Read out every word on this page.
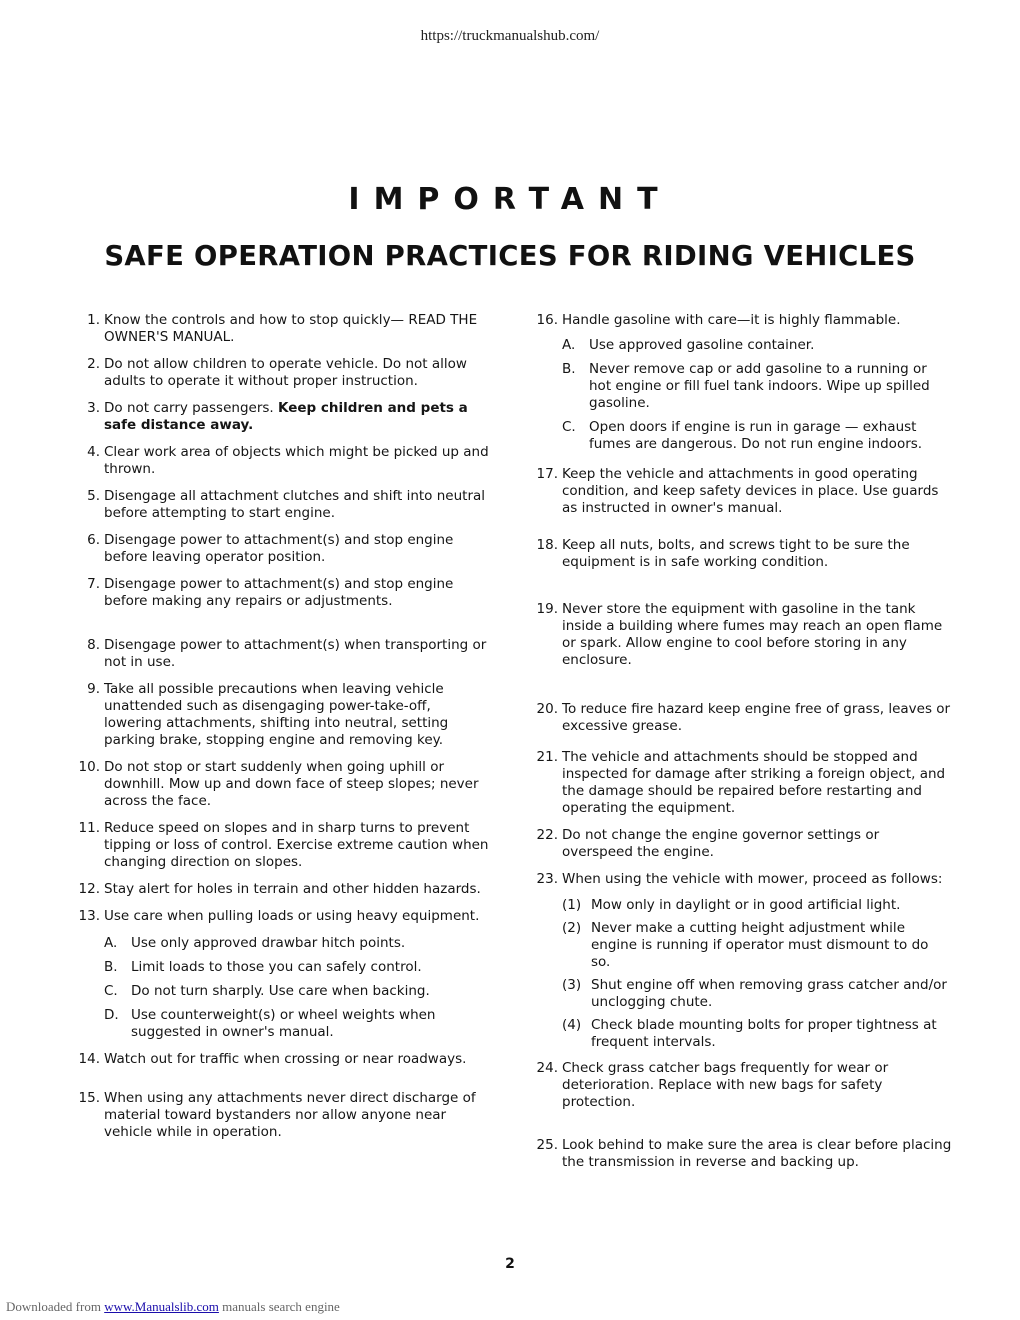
https://truckmanualshub.com/
IMPORTANT
SAFE OPERATION PRACTICES FOR RIDING VEHICLES
1. Know the controls and how to stop quickly— READ THE OWNER'S MANUAL.
2. Do not allow children to operate vehicle. Do not allow adults to operate it without proper instruction.
3. Do not carry passengers. Keep children and pets a safe distance away.
4. Clear work area of objects which might be picked up and thrown.
5. Disengage all attachment clutches and shift into neutral before attempting to start engine.
6. Disengage power to attachment(s) and stop engine before leaving operator position.
7. Disengage power to attachment(s) and stop engine before making any repairs or adjustments.
8. Disengage power to attachment(s) when transporting or not in use.
9. Take all possible precautions when leaving vehicle unattended such as disengaging power-take-off, lowering attachments, shifting into neutral, setting parking brake, stopping engine and removing key.
10. Do not stop or start suddenly when going uphill or downhill. Mow up and down face of steep slopes; never across the face.
11. Reduce speed on slopes and in sharp turns to prevent tipping or loss of control. Exercise extreme caution when changing direction on slopes.
12. Stay alert for holes in terrain and other hidden hazards.
13. Use care when pulling loads or using heavy equipment.
A. Use only approved drawbar hitch points.
B. Limit loads to those you can safely control.
C. Do not turn sharply. Use care when backing.
D. Use counterweight(s) or wheel weights when suggested in owner's manual.
14. Watch out for traffic when crossing or near roadways.
15. When using any attachments never direct discharge of material toward bystanders nor allow anyone near vehicle while in operation.
16. Handle gasoline with care—it is highly flammable.
A. Use approved gasoline container.
B. Never remove cap or add gasoline to a running or hot engine or fill fuel tank indoors. Wipe up spilled gasoline.
C. Open doors if engine is run in garage — exhaust fumes are dangerous. Do not run engine indoors.
17. Keep the vehicle and attachments in good operating condition, and keep safety devices in place. Use guards as instructed in owner's manual.
18. Keep all nuts, bolts, and screws tight to be sure the equipment is in safe working condition.
19. Never store the equipment with gasoline in the tank inside a building where fumes may reach an open flame or spark. Allow engine to cool before storing in any enclosure.
20. To reduce fire hazard keep engine free of grass, leaves or excessive grease.
21. The vehicle and attachments should be stopped and inspected for damage after striking a foreign object, and the damage should be repaired before restarting and operating the equipment.
22. Do not change the engine governor settings or overspeed the engine.
23. When using the vehicle with mower, proceed as follows:
(1) Mow only in daylight or in good artificial light.
(2) Never make a cutting height adjustment while engine is running if operator must dismount to do so.
(3) Shut engine off when removing grass catcher and/or unclogging chute.
(4) Check blade mounting bolts for proper tightness at frequent intervals.
24. Check grass catcher bags frequently for wear or deterioration. Replace with new bags for safety protection.
25. Look behind to make sure the area is clear before placing the transmission in reverse and backing up.
2
Downloaded from www.Manualslib.com manuals search engine
